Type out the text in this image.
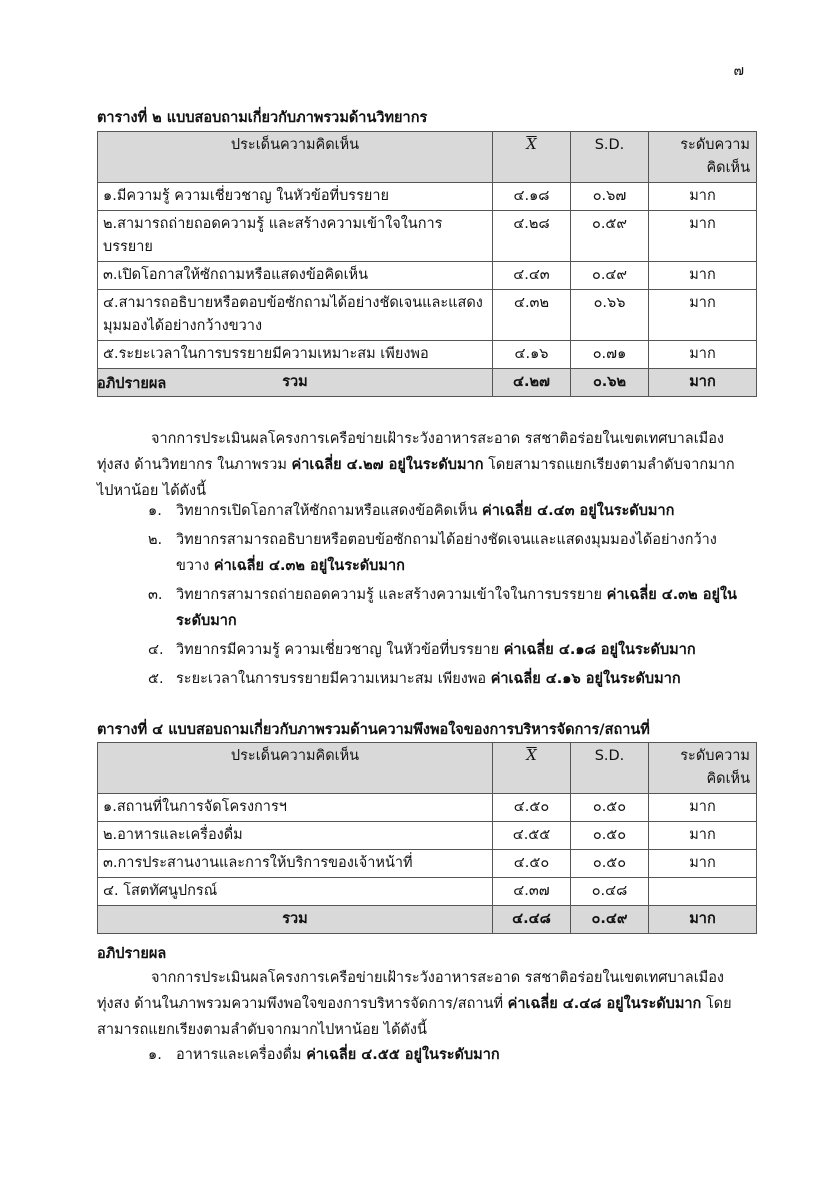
๗
ตารางที่ ๒ แบบสอบถามเกี่ยวกับภาพรวมด้านวิทยากร
ประเด็นความคิดเห็น	$\overline{X}$	S.D.	ระดับความ
คิดเห็น
๑.มีความรู้ ความเชี่ยวชาญ ในหัวข้อที่บรรยาย	๔.๑๘	๐.๖๗	มาก
๒.สามารถถ่ายถอดความรู้ และสร้างความเข้าใจในการบรรยาย	๔.๒๘	๐.๕๙	มาก
๓.เปิดโอกาสให้ซักถามหรือแสดงข้อคิดเห็น	๔.๔๓	๐.๔๙	มาก
๔.สามารถอธิบายหรือตอบข้อซักถามได้อย่างชัดเจนและแสดงมุมมองได้อย่างกว้างขวาง	๔.๓๒	๐.๖๖	มาก
๕.ระยะเวลาในการบรรยายมีความเหมาะสม เพียงพอ	๔.๑๖	๐.๗๑	มาก
รวม	๔.๒๗	๐.๖๒	มาก
อภิปรายผล
จากการประเมินผลโครงการเครือข่ายเฝ้าระวังอาหารสะอาด รสชาติอร่อยในเขตเทศบาลเมืองทุ่งสง ด้านวิทยากร ในภาพรวม ค่าเฉลี่ย ๔.๒๗ อยู่ในระดับมาก โดยสามารถแยกเรียงตามลำดับจากมากไปหาน้อย ได้ดังนี้
๑. วิทยากรเปิดโอกาสให้ซักถามหรือแสดงข้อคิดเห็น ค่าเฉลี่ย ๔.๔๓ อยู่ในระดับมาก
๒. วิทยากรสามารถอธิบายหรือตอบข้อซักถามได้อย่างชัดเจนและแสดงมุมมองได้อย่างกว้างขวาง ค่าเฉลี่ย ๔.๓๒ อยู่ในระดับมาก
๓. วิทยากรสามารถถ่ายถอดความรู้ และสร้างความเข้าใจในการบรรยาย ค่าเฉลี่ย ๔.๓๒ อยู่ในระดับมาก
๔. วิทยากรมีความรู้ ความเชี่ยวชาญ ในหัวข้อที่บรรยาย ค่าเฉลี่ย ๔.๑๘ อยู่ในระดับมาก
๕. ระยะเวลาในการบรรยายมีความเหมาะสม เพียงพอ ค่าเฉลี่ย ๔.๑๖ อยู่ในระดับมาก
ตารางที่ ๔ แบบสอบถามเกี่ยวกับภาพรวมด้านความพึงพอใจของการบริหารจัดการ/สถานที่
ประเด็นความคิดเห็น	$\overline{X}$	S.D.	ระดับความ
คิดเห็น
๑.สถานที่ในการจัดโครงการฯ	๔.๕๐	๐.๕๐	มาก
๒.อาหารและเครื่องดื่ม	๔.๕๕	๐.๕๐	มาก
๓.การประสานงานและการให้บริการของเจ้าหน้าที่	๔.๕๐	๐.๕๐	มาก
๔. โสตทัศนูปกรณ์	๔.๓๗	๐.๔๘	
รวม	๔.๔๘	๐.๔๙	มาก
อภิปรายผล
จากการประเมินผลโครงการเครือข่ายเฝ้าระวังอาหารสะอาด รสชาติอร่อยในเขตเทศบาลเมืองทุ่งสง ด้านในภาพรวมความพึงพอใจของการบริหารจัดการ/สถานที่ ค่าเฉลี่ย ๔.๔๘ อยู่ในระดับมาก โดยสามารถแยกเรียงตามลำดับจากมากไปหาน้อย ได้ดังนี้
๑. อาหารและเครื่องดื่ม ค่าเฉลี่ย ๔.๕๕ อยู่ในระดับมาก
